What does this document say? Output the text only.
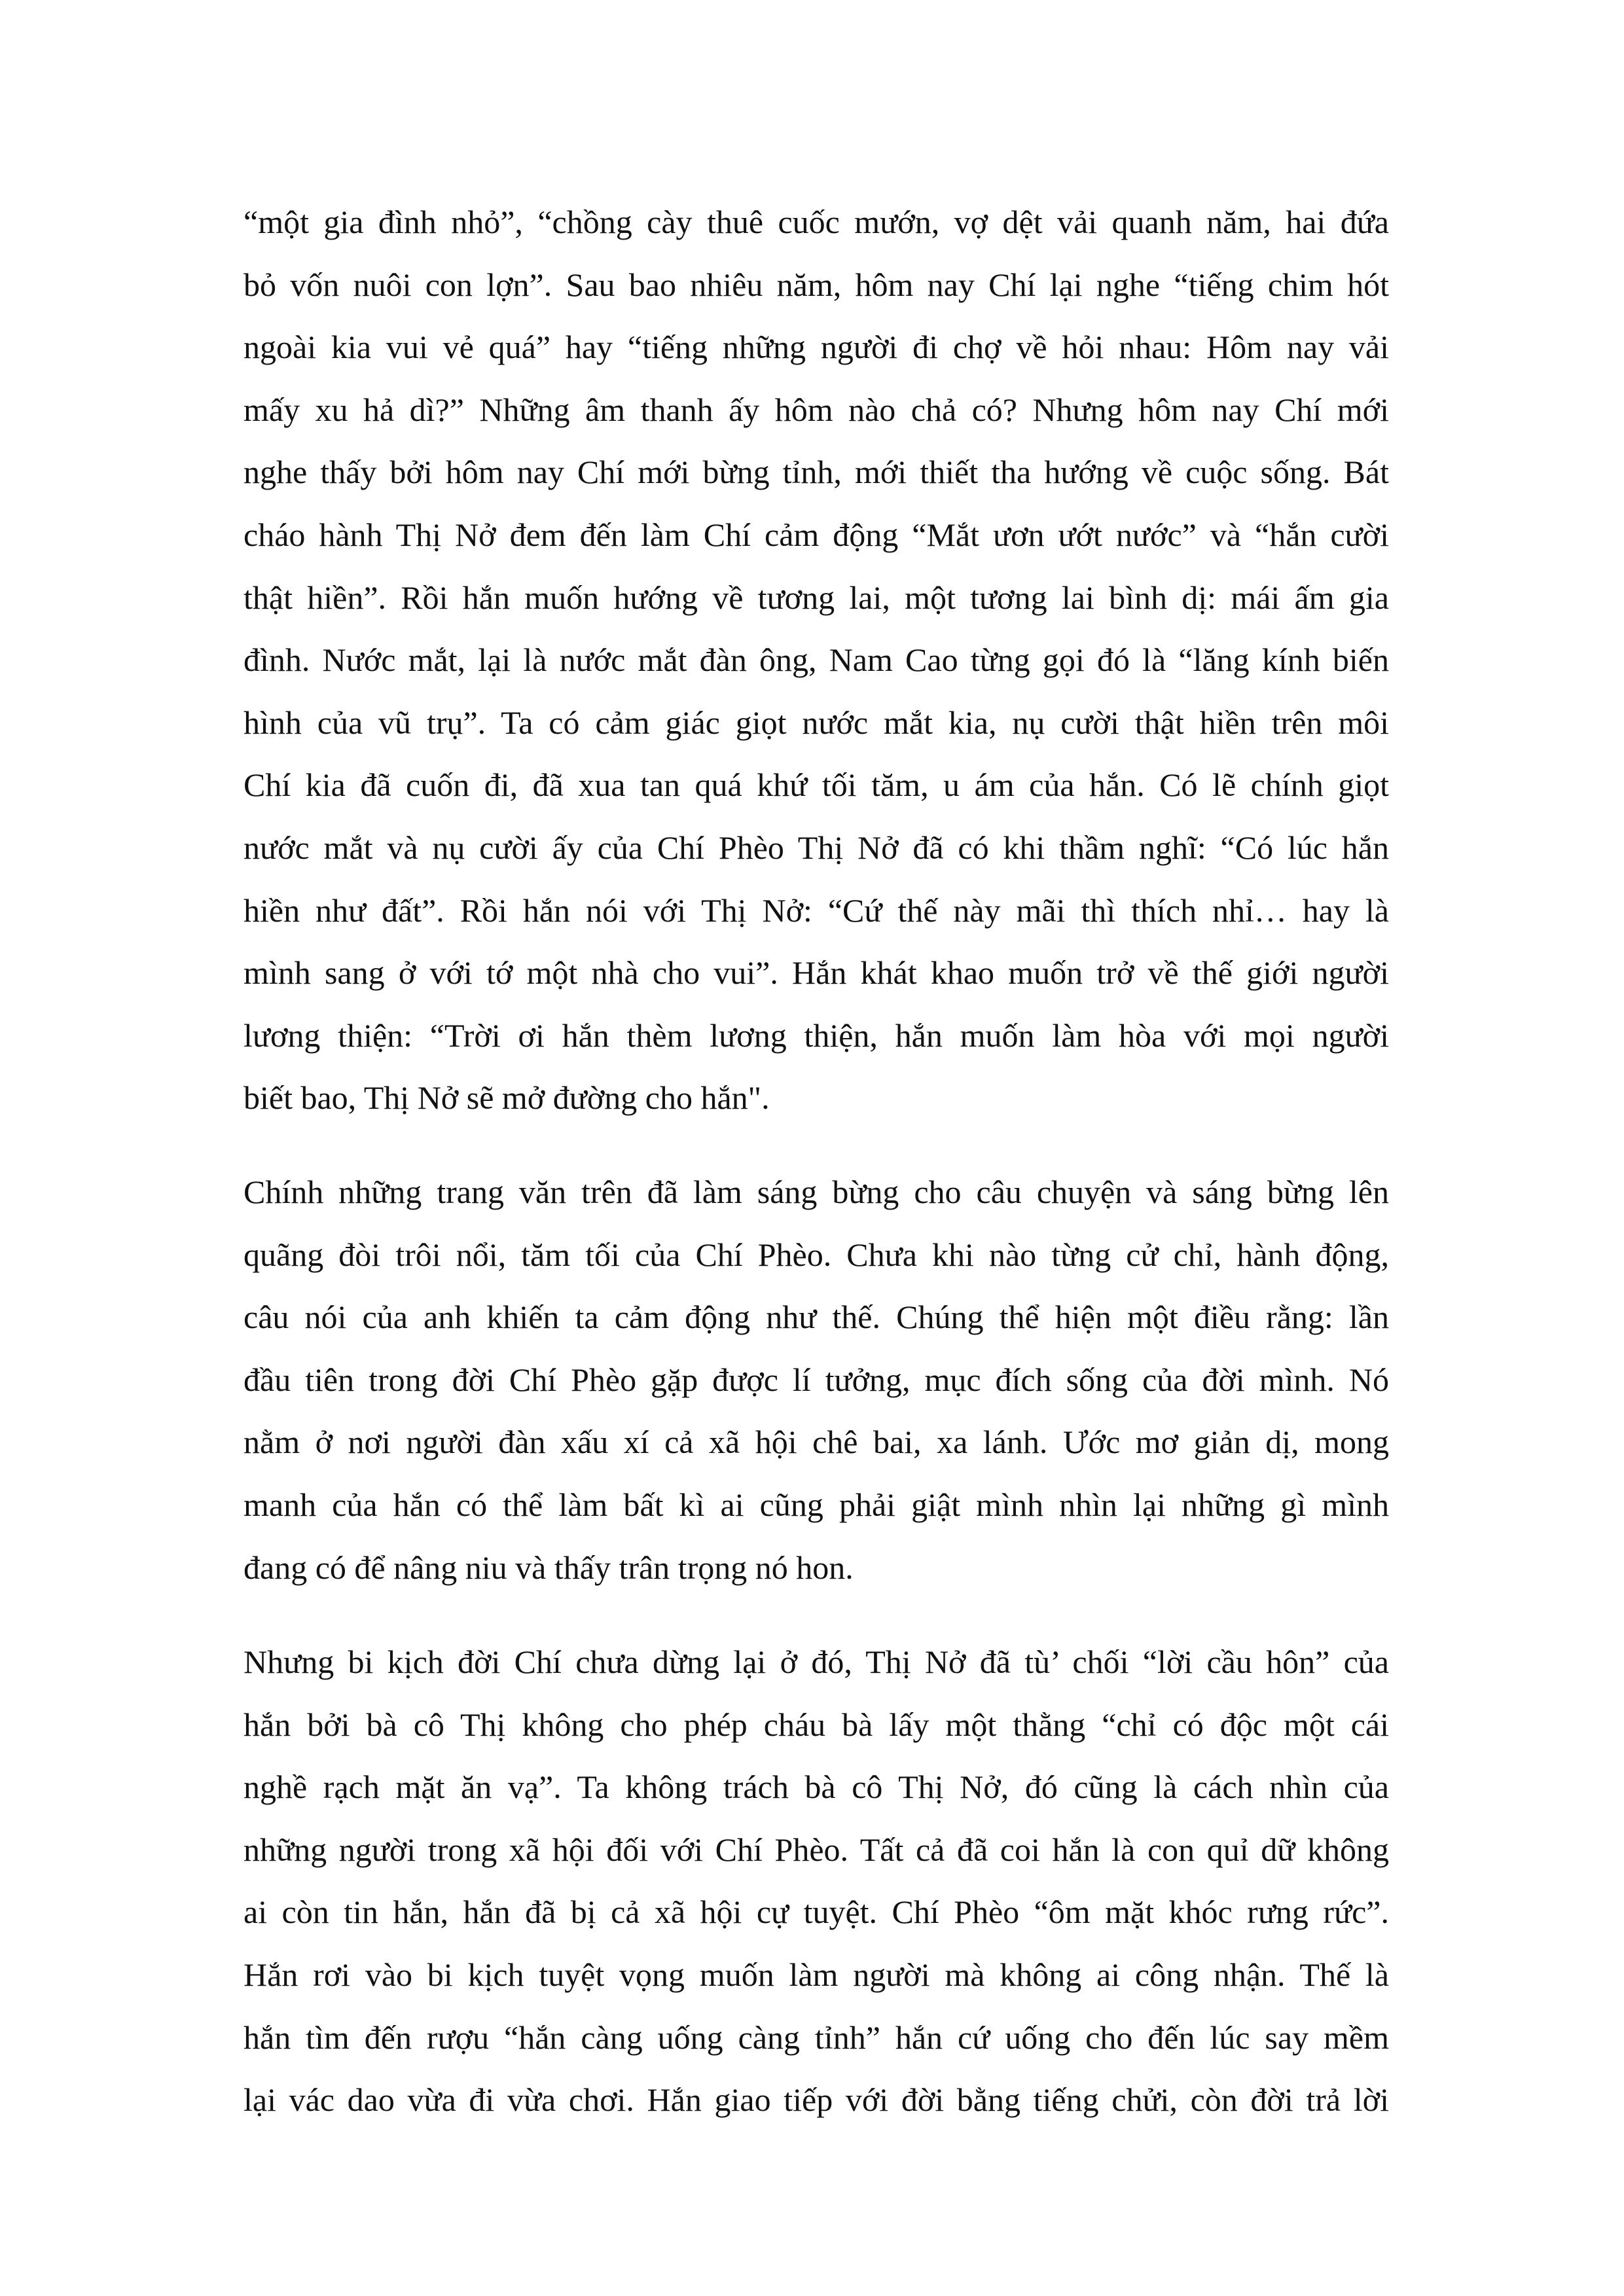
“một gia đình nhỏ”, “chồng cày thuê cuốc mướn, vợ dệt vải quanh năm, hai đứa
bỏ vốn nuôi con lợn”. Sau bao nhiêu năm, hôm nay Chí lại nghe “tiếng chim hót
ngoài kia vui vẻ quá” hay “tiếng những người đi chợ về hỏi nhau: Hôm nay vải
mấy xu hả dì?” Những âm thanh ấy hôm nào chả có? Nhưng hôm nay Chí mới
nghe thấy bởi hôm nay Chí mới bừng tỉnh, mới thiết tha hướng về cuộc sống. Bát
cháo hành Thị Nở đem đến làm Chí cảm động “Mắt ươn ướt nước” và “hắn cười
thật hiền”. Rồi hắn muốn hướng về tương lai, một tương lai bình dị: mái ấm gia
đình. Nước mắt, lại là nước mắt đàn ông, Nam Cao từng gọi đó là “lăng kính biến
hình của vũ trụ”. Ta có cảm giác giọt nước mắt kia, nụ cười thật hiền trên môi
Chí kia đã cuốn đi, đã xua tan quá khứ tối tăm, u ám của hắn. Có lẽ chính giọt
nước mắt và nụ cười ấy của Chí Phèo Thị Nở đã có khi thầm nghĩ: “Có lúc hắn
hiền như đất”. Rồi hắn nói với Thị Nở: “Cứ thế này mãi thì thích nhỉ… hay là
mình sang ở với tớ một nhà cho vui”. Hắn khát khao muốn trở về thế giới người
lương thiện: “Trời ơi hắn thèm lương thiện, hắn muốn làm hòa với mọi người
biết bao, Thị Nở sẽ mở đường cho hắn".
Chính những trang văn trên đã làm sáng bừng cho câu chuyện và sáng bừng lên
quãng đòi trôi nổi, tăm tối của Chí Phèo. Chưa khi nào từng cử chỉ, hành động,
câu nói của anh khiến ta cảm động như thế. Chúng thể hiện một điều rằng: lần
đầu tiên trong đời Chí Phèo gặp được lí tưởng, mục đích sống của đời mình. Nó
nằm ở nơi người đàn xấu xí cả xã hội chê bai, xa lánh. Ước mơ giản dị, mong
manh của hắn có thể làm bất kì ai cũng phải giật mình nhìn lại những gì mình
đang có để nâng niu và thấy trân trọng nó hon.
Nhưng bi kịch đời Chí chưa dừng lại ở đó, Thị Nở đã tù’ chối “lời cầu hôn” của
hắn bởi bà cô Thị không cho phép cháu bà lấy một thằng “chỉ có độc một cái
nghề rạch mặt ăn vạ”. Ta không trách bà cô Thị Nở, đó cũng là cách nhìn của
những người trong xã hội đối với Chí Phèo. Tất cả đã coi hắn là con quỉ dữ không
ai còn tin hắn, hắn đã bị cả xã hội cự tuyệt. Chí Phèo “ôm mặt khóc rưng rức”.
Hắn rơi vào bi kịch tuyệt vọng muốn làm người mà không ai công nhận. Thế là
hắn tìm đến rượu “hắn càng uống càng tỉnh” hắn cứ uống cho đến lúc say mềm
lại vác dao vừa đi vừa chơi. Hắn giao tiếp với đời bằng tiếng chửi, còn đời trả lời
